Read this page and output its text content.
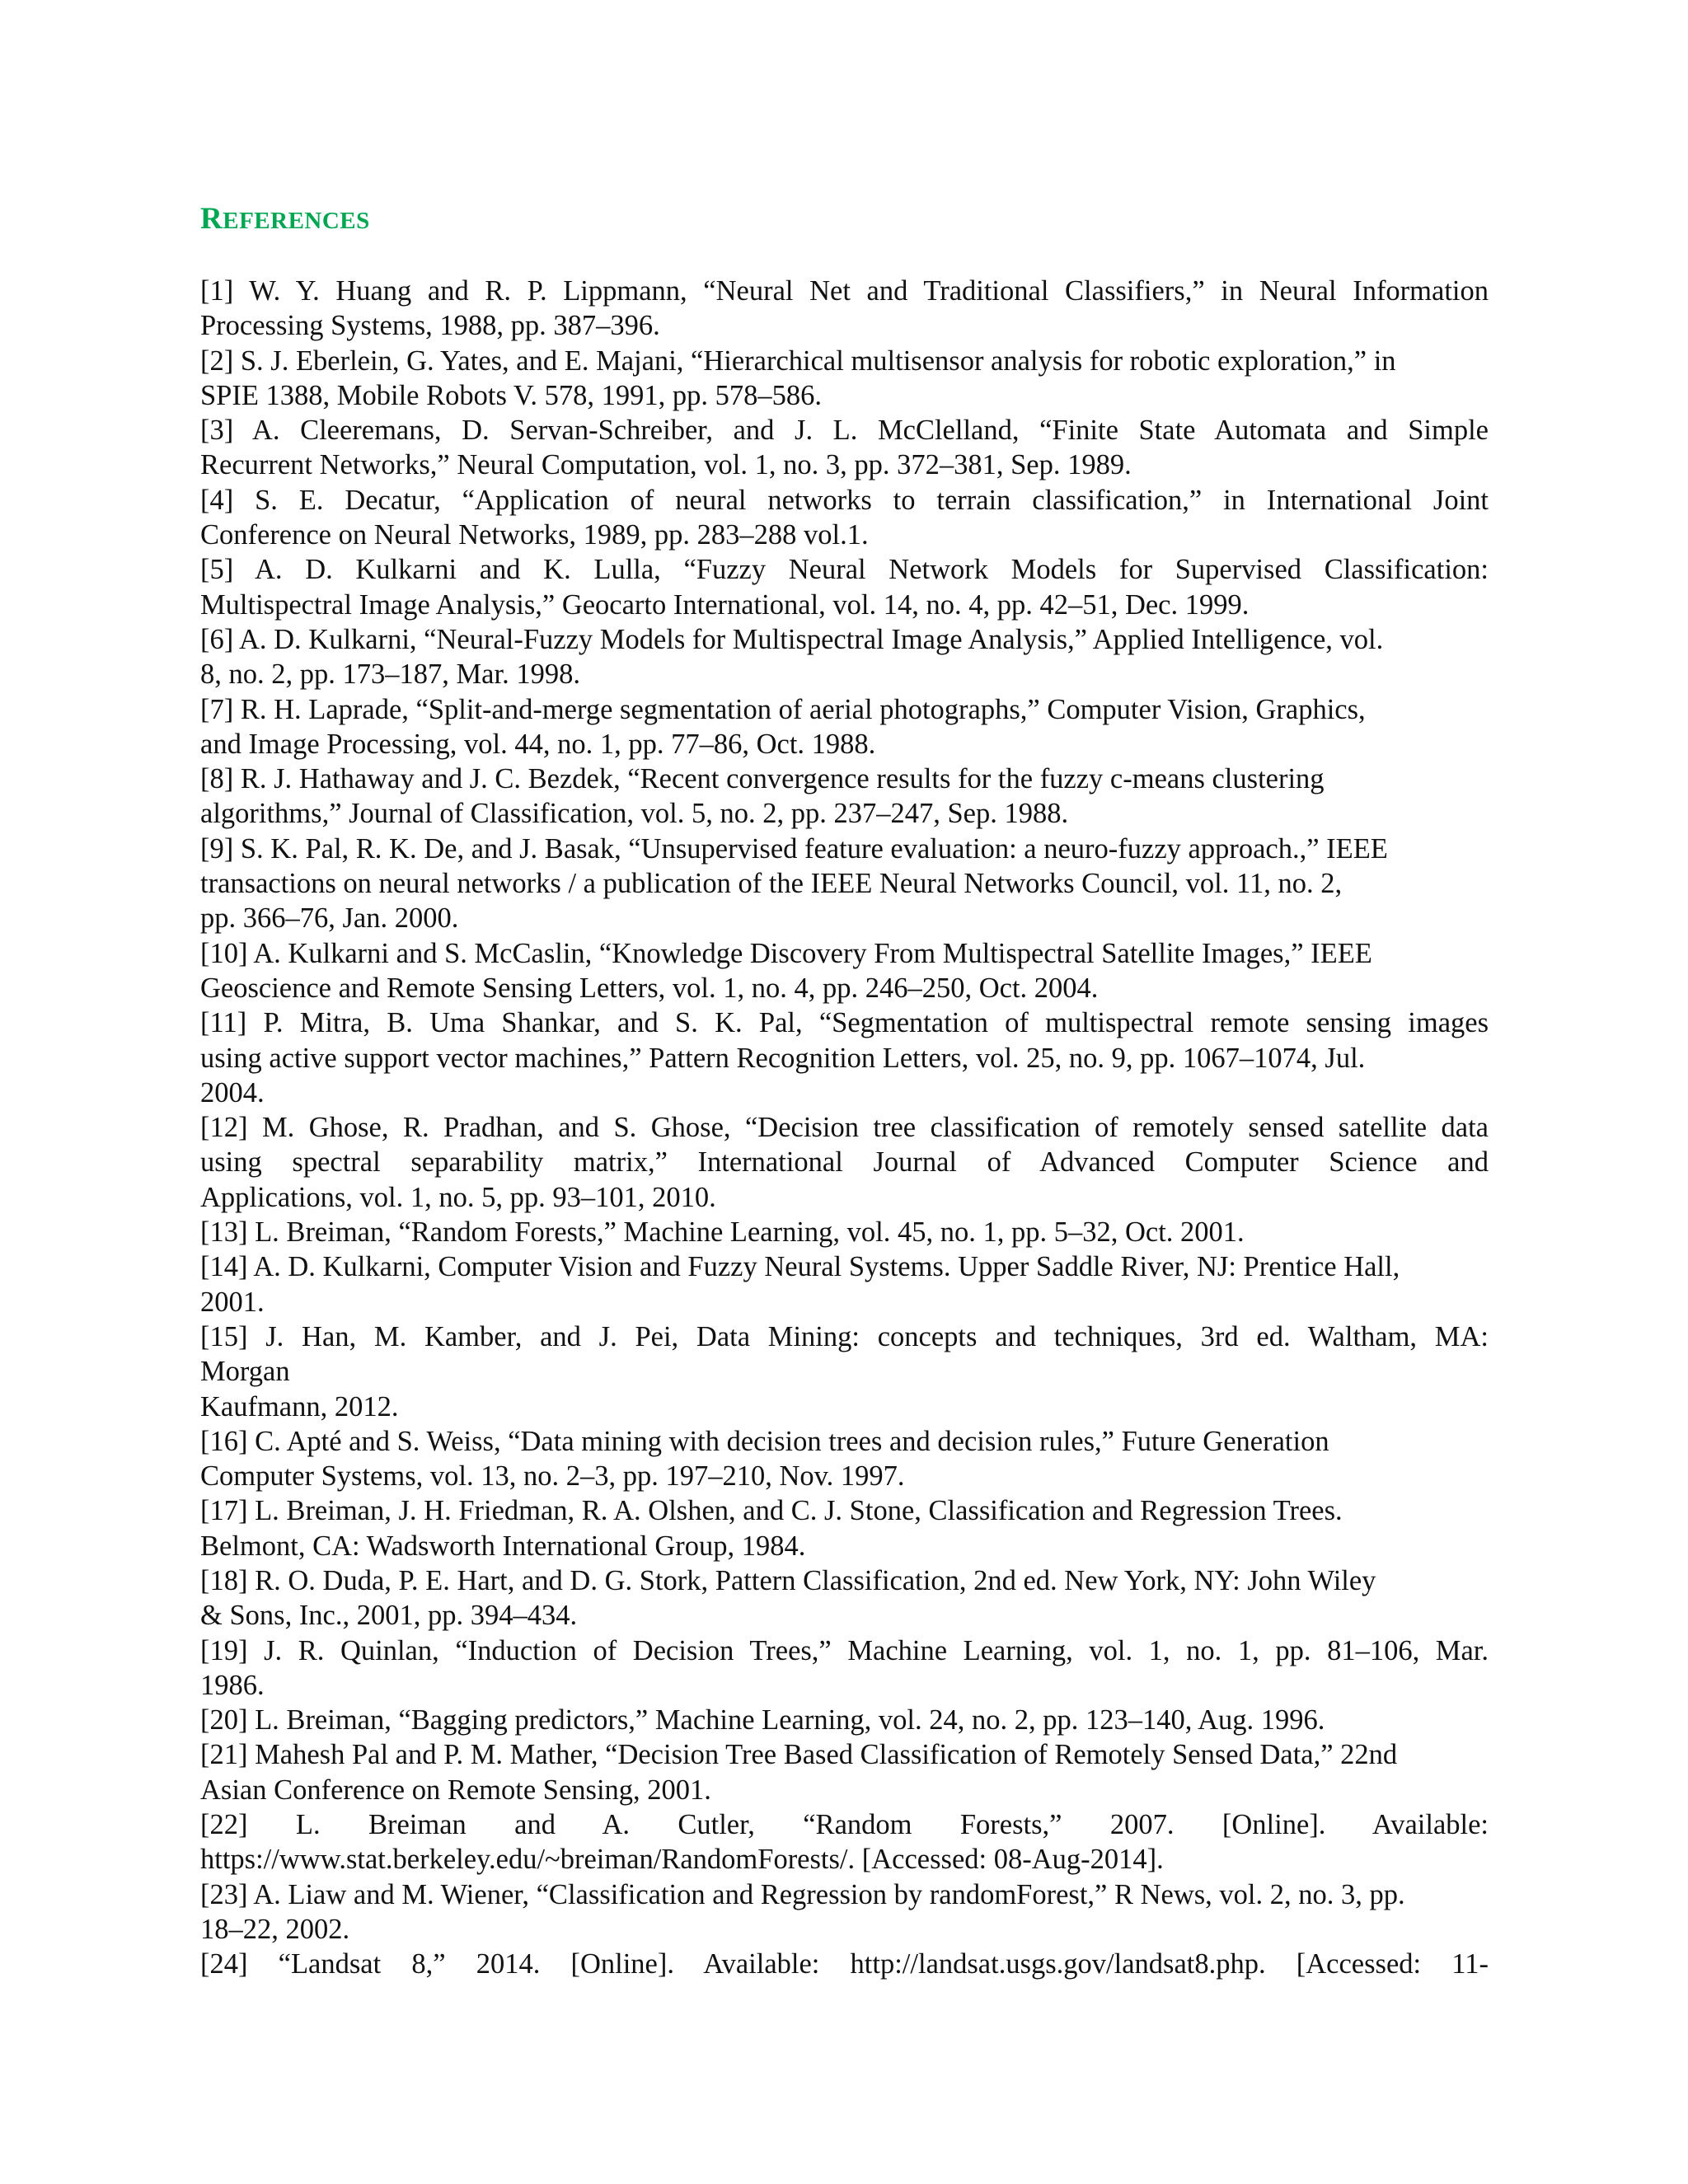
REFERENCES

[1] W. Y. Huang and R. P. Lippmann, “Neural Net and Traditional Classifiers,” in Neural Information
Processing Systems, 1988, pp. 387–396.

[2] S. J. Eberlein, G. Yates, and E. Majani, “Hierarchical multisensor analysis for robotic exploration,” in
SPIE 1388, Mobile Robots V. 578, 1991, pp. 578–586.

[3] A. Cleeremans, D. Servan-Schreiber, and J. L. McClelland, “Finite State Automata and Simple
Recurrent Networks,” Neural Computation, vol. 1, no. 3, pp. 372–381, Sep. 1989.

[4] S. E. Decatur, “Application of neural networks to terrain classification,” in International Joint
Conference on Neural Networks, 1989, pp. 283–288 vol.1.

[5] A. D. Kulkarni and K. Lulla, “Fuzzy Neural Network Models for Supervised Classification:
Multispectral Image Analysis,” Geocarto International, vol. 14, no. 4, pp. 42–51, Dec. 1999.

[6] A. D. Kulkarni, “Neural-Fuzzy Models for Multispectral Image Analysis,” Applied Intelligence, vol.
8, no. 2, pp. 173–187, Mar. 1998.

[7] R. H. Laprade, “Split-and-merge segmentation of aerial photographs,” Computer Vision, Graphics,
and Image Processing, vol. 44, no. 1, pp. 77–86, Oct. 1988.

[8] R. J. Hathaway and J. C. Bezdek, “Recent convergence results for the fuzzy c-means clustering
algorithms,” Journal of Classification, vol. 5, no. 2, pp. 237–247, Sep. 1988.

[9] S. K. Pal, R. K. De, and J. Basak, “Unsupervised feature evaluation: a neuro-fuzzy approach.,” IEEE
transactions on neural networks / a publication of the IEEE Neural Networks Council, vol. 11, no. 2,
pp. 366–76, Jan. 2000.

[10] A. Kulkarni and S. McCaslin, “Knowledge Discovery From Multispectral Satellite Images,” IEEE
Geoscience and Remote Sensing Letters, vol. 1, no. 4, pp. 246–250, Oct. 2004.

[11] P. Mitra, B. Uma Shankar, and S. K. Pal, “Segmentation of multispectral remote sensing images
using active support vector machines,” Pattern Recognition Letters, vol. 25, no. 9, pp. 1067–1074, Jul.
2004.

[12] M. Ghose, R. Pradhan, and S. Ghose, “Decision tree classification of remotely sensed satellite data
using spectral separability matrix,” International Journal of Advanced Computer Science and
Applications, vol. 1, no. 5, pp. 93–101, 2010.

[13] L. Breiman, “Random Forests,” Machine Learning, vol. 45, no. 1, pp. 5–32, Oct. 2001.

[14] A. D. Kulkarni, Computer Vision and Fuzzy Neural Systems. Upper Saddle River, NJ: Prentice Hall,
2001.

[15] J. Han, M. Kamber, and J. Pei, Data Mining: concepts and techniques, 3rd ed. Waltham, MA:
Morgan
Kaufmann, 2012.

[16] C. Apté and S. Weiss, “Data mining with decision trees and decision rules,” Future Generation
Computer Systems, vol. 13, no. 2–3, pp. 197–210, Nov. 1997.

[17] L. Breiman, J. H. Friedman, R. A. Olshen, and C. J. Stone, Classification and Regression Trees.
Belmont, CA: Wadsworth International Group, 1984.

[18] R. O. Duda, P. E. Hart, and D. G. Stork, Pattern Classification, 2nd ed. New York, NY: John Wiley
& Sons, Inc., 2001, pp. 394–434.

[19] J. R. Quinlan, “Induction of Decision Trees,” Machine Learning, vol. 1, no. 1, pp. 81–106, Mar.
1986.

[20] L. Breiman, “Bagging predictors,” Machine Learning, vol. 24, no. 2, pp. 123–140, Aug. 1996.

[21] Mahesh Pal and P. M. Mather, “Decision Tree Based Classification of Remotely Sensed Data,” 22nd
Asian Conference on Remote Sensing, 2001.

[22] L. Breiman and A. Cutler, “Random Forests,” 2007. [Online]. Available:
https://www.stat.berkeley.edu/~breiman/RandomForests/. [Accessed: 08-Aug-2014].

[23] A. Liaw and M. Wiener, “Classification and Regression by randomForest,” R News, vol. 2, no. 3, pp.
18–22, 2002.

[24] “Landsat 8,” 2014. [Online]. Available: http://landsat.usgs.gov/landsat8.php. [Accessed: 11-
